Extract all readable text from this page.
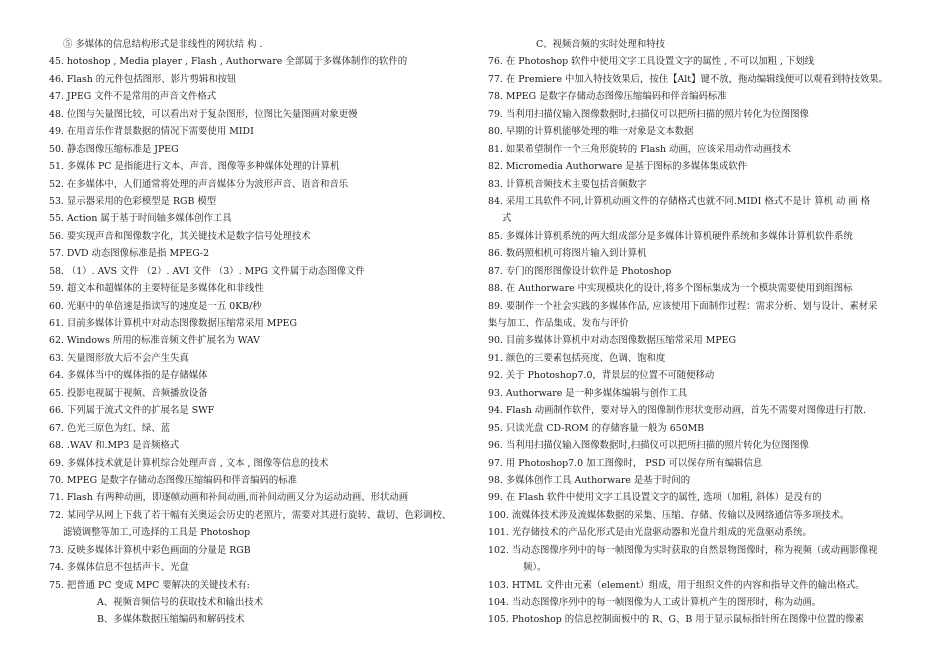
⑤ 多媒体的信息结构形式是非线性的网状结 构 .
45. hotoshop , Media player , Flash , Authorware 全部属于多媒体制作的软件的
46. Flash 的元件包括图形、影片剪辑和按钮
47. JPEG 文件不是常用的声音文件格式
48. 位图与矢量图比较，可以看出对于复杂图形，位图比矢量图画对象更慢
49. 在用音乐作背景数据的情况下需要使用 MIDI
50. 静态图像压缩标准是 JPEG
51. 多媒体 PC 是指能进行文本、声音、图像等多种媒体处理的计算机
52. 在多媒体中，人们通常将处理的声音媒体分为波形声音、语音和音乐
53. 显示器采用的色彩模型是 RGB 模型
55. Action 属于基于时间轴多媒体创作工具
56. 要实现声音和图像数字化，其关键技术是数字信号处理技术
57. DVD 动态图像标准是指 MPEG-2
58. （1）. AVS 文件 （2）. AVI 文件 （3）. MPG 文件属于动态图像文件
59. 超文本和超媒体的主要特征是多媒体化和非线性
60. 光驱中的单倍速是指读写的速度是一五 0KB/秒
61. 目前多媒体计算机中对动态图像数据压缩常采用 MPEG
62. Windows 所用的标准音频文件扩展名为 WAV
63. 矢量图形放大后不会产生失真
64. 多媒体当中的媒体指的是存储媒体
65. 投影电视属于视频、音频播放设备
66. 下列属于流式文件的扩展名是 SWF
67. 色光三原色为红、绿、蓝
68. .WAV 和.MP3 是音频格式
69. 多媒体技术就是计算机综合处理声音 , 文本 , 图像等信息的技术
70. MPEG 是数字存储动态图像压缩编码和伴音编码的标准
71. Flash 有两种动画，即逐帧动画和补间动画,而补间动画又分为运动动画、形状动画
72. 某同学从网上下载了若干幅有关奥运会历史的老照片，需要对其进行旋转、裁切、色彩调校、
滤镜调整等加工,可选择的工具是 Photoshop
73. 反映多媒体计算机中彩色画面的分量是 RGB
74. 多媒体信息不包括声卡、光盘
75. 把普通 PC 变成 MPC 要解决的关键技术有:
A、视频音频信号的获取技术和输出技术
B、多媒体数据压缩编码和解码技术
C、视频音频的实时处理和特技
76. 在 Photoshop 软件中使用文字工具设置文字的属性 , 不可以加粗 , 下划线
77. 在 Premiere 中加入特技效果后，按住【Alt】键不放，拖动编辑线便可以观看到特技效果。
78. MPEG 是数字存储动态图像压缩编码和伴音编码标准
79. 当利用扫描仪输入图像数据时,扫描仪可以把所扫描的照片转化为位图图像
80. 早期的计算机能够处理的唯一对象是文本数据
81. 如果希望制作一个三角形旋转的 Flash 动画，应该采用动作动画技术
82. Micromedia Authorware 是基于图标的多媒体集成软件
83. 计算机音频技术主要包括音频数字
84. 采用工具软件不同,计算机动画文件的存储格式也就不同.MIDI 格式不是计 算机 动 画 格
式
85. 多媒体计算机系统的两大组成部分是多媒体计算机硬件系统和多媒体计算机软件系统
86. 数码照相机可将图片输入到计算机
87. 专门的图形图像设计软件是 Photoshop
88. 在 Authorware 中实现模块化的设计,将多个图标集成为一个模块需要使用到组图标
89. 要制作一个社会实践的多媒体作品, 应该使用下面制作过程：需求分析、划与设计、素材采
集与加工、作品集成、发布与评价
90. 目前多媒体计算机中对动态图像数据压缩常采用 MPEG
91. 颜色的三要素包括亮度、色调、饱和度
92. 关于 Photoshop7.0，背景层的位置不可随便移动
93. Authorware 是一种多媒体编辑与创作工具
94. Flash 动画制作软件，要对导入的图像制作形状变形动画，首先不需要对图像进行打散.
95. 只读光盘 CD-ROM 的存储容量一般为 650MB
96. 当利用扫描仪输入图像数据时,扫描仪可以把所扫描的照片转化为位图图像
97. 用 Photoshop7.0 加工图像时， PSD 可以保存所有编辑信息
98. 多媒体创作工具 Authorware 是基于时间的
99. 在 Flash 软件中使用文字工具设置文字的属性, 选项（加粗, 斜体）是没有的
100. 流媒体技术涉及流媒体数据的采集、压缩、存储、传输以及网络通信等多项技术。
101. 光存储技术的产品化形式是由光盘驱动器和光盘片组成的光盘驱动系统。
102. 当动态图像序列中的每一帧图像为实时获取的自然景物图像时，称为视频（或动画影像视
频）。
103. HTML 文件由元素（element）组成，用于组织文件的内容和指导文件的输出格式。
104. 当动态图像序列中的每一帧图像为人工或计算机产生的图形时，称为动画。
105. Photoshop 的信息控制面板中的 R、G、B 用于显示鼠标指针所在图像中位置的像素
